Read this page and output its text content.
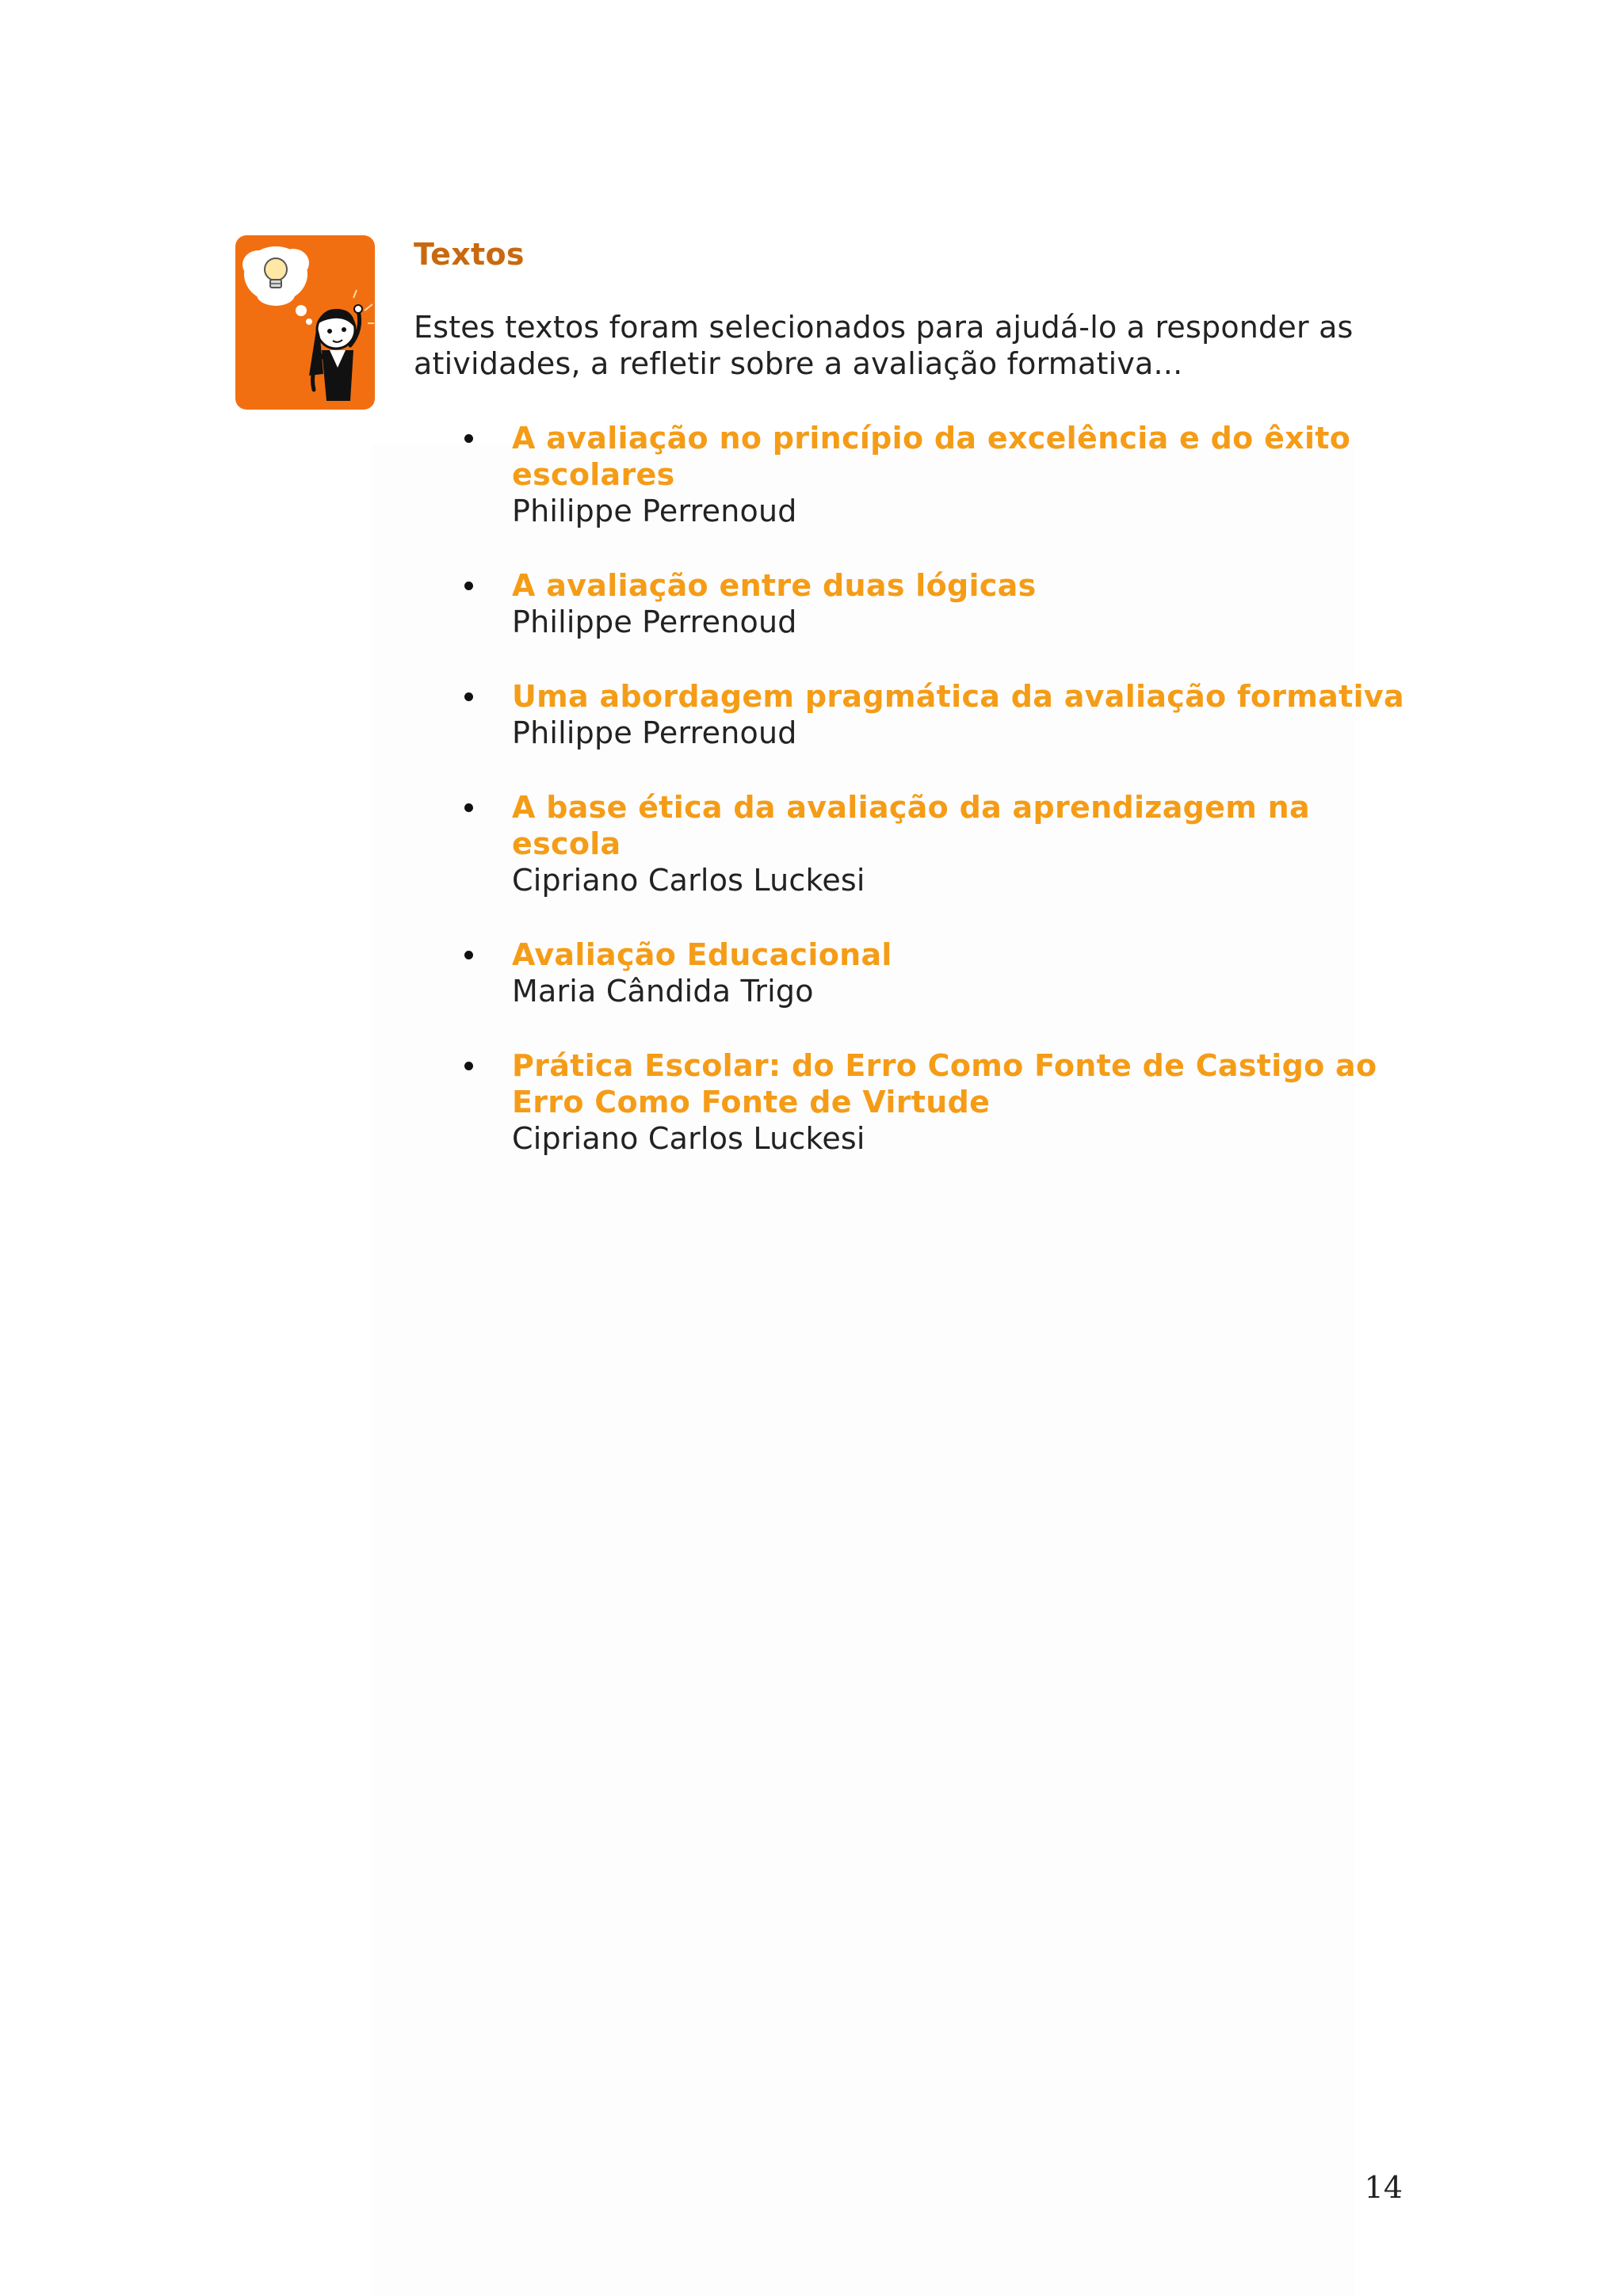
Textos

Estes textos foram selecionados para ajudá-lo a responder as atividades, a refletir sobre a avaliação formativa...

A avaliação no princípio da excelência e do êxito escolares
Philippe Perrenoud
A avaliação entre duas lógicas
Philippe Perrenoud
Uma abordagem pragmática da avaliação formativa
Philippe Perrenoud
A base ética da avaliação da aprendizagem na escola
Cipriano Carlos Luckesi
Avaliação Educacional
Maria Cândida Trigo
Prática Escolar: do Erro Como Fonte de Castigo ao Erro Como Fonte de Virtude
Cipriano Carlos Luckesi
14
